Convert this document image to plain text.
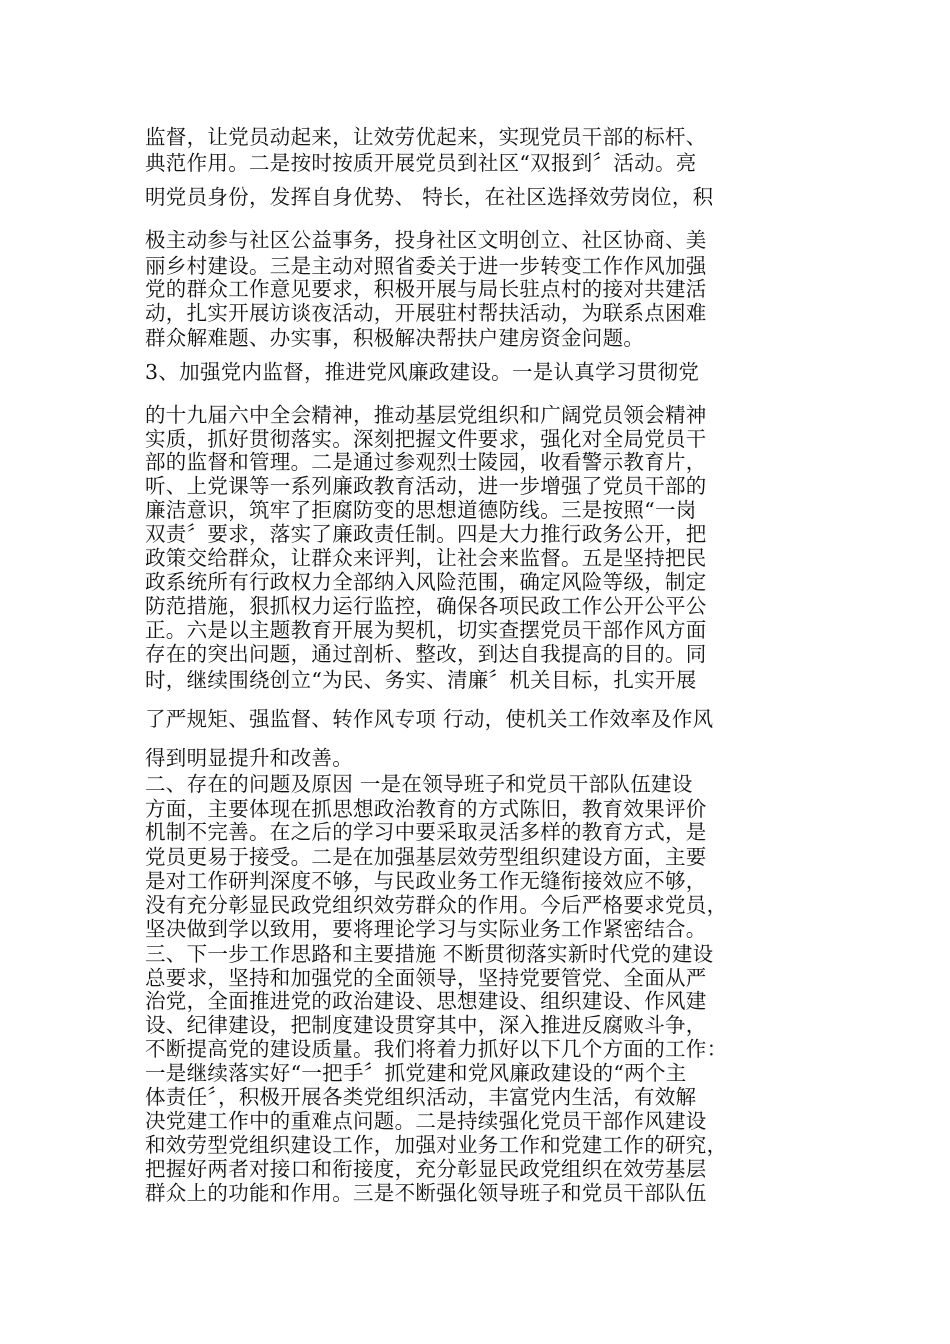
监督，让党员动起来，让效劳优起来，实现党员干部的标杆、
典范作用。二是按时按质开展党员到社区“双报到〞活动。亮
明党员身份，发挥自身优势、 特长，在社区选择效劳岗位，积
极主动参与社区公益事务，投身社区文明创立、社区协商、美
丽乡村建设。三是主动对照省委关于进一步转变工作作风加强
党的群众工作意见要求，积极开展与局长驻点村的接对共建活
动，扎实开展访谈夜活动，开展驻村帮扶活动，为联系点困难
群众解难题、办实事，积极解决帮扶户建房资金问题。
3、加强党内监督，推进党风廉政建设。一是认真学习贯彻党
的十九届六中全会精神，推动基层党组织和广阔党员领会精神
实质，抓好贯彻落实。深刻把握文件要求，强化对全局党员干
部的监督和管理。二是通过参观烈士陵园，收看警示教育片，
听、上党课等一系列廉政教育活动，进一步增强了党员干部的
廉洁意识，筑牢了拒腐防变的思想道德防线。三是按照“一岗
双责〞要求，落实了廉政责任制。四是大力推行政务公开，把
政策交给群众，让群众来评判，让社会来监督。五是坚持把民
政系统所有行政权力全部纳入风险范围，确定风险等级，制定
防范措施，狠抓权力运行监控，确保各项民政工作公开公平公
正。六是以主题教育开展为契机，切实查摆党员干部作风方面
存在的突出问题，通过剖析、整改，到达自我提高的目的。同
时，继续围绕创立“为民、务实、清廉〞机关目标，扎实开展
了严规矩、强监督、转作风专项 行动，使机关工作效率及作风
得到明显提升和改善。
二、存在的问题及原因 一是在领导班子和党员干部队伍建设
方面，主要体现在抓思想政治教育的方式陈旧，教育效果评价
机制不完善。在之后的学习中要采取灵活多样的教育方式，是
党员更易于接受。二是在加强基层效劳型组织建设方面，主要
是对工作研判深度不够，与民政业务工作无缝衔接效应不够，
没有充分彰显民政党组织效劳群众的作用。今后严格要求党员，
坚决做到学以致用，要将理论学习与实际业务工作紧密结合。
三、下一步工作思路和主要措施 不断贯彻落实新时代党的建设
总要求，坚持和加强党的全面领导，坚持党要管党、全面从严
治党，全面推进党的政治建设、思想建设、组织建设、作风建
设、纪律建设，把制度建设贯穿其中，深入推进反腐败斗争，
不断提高党的建设质量。我们将着力抓好以下几个方面的工作：
一是继续落实好“一把手〞抓党建和党风廉政建设的“两个主
体责任〞，积极开展各类党组织活动，丰富党内生活，有效解
决党建工作中的重难点问题。二是持续强化党员干部作风建设
和效劳型党组织建设工作，加强对业务工作和党建工作的研究，
把握好两者对接口和衔接度，充分彰显民政党组织在效劳基层
群众上的功能和作用。三是不断强化领导班子和党员干部队伍
